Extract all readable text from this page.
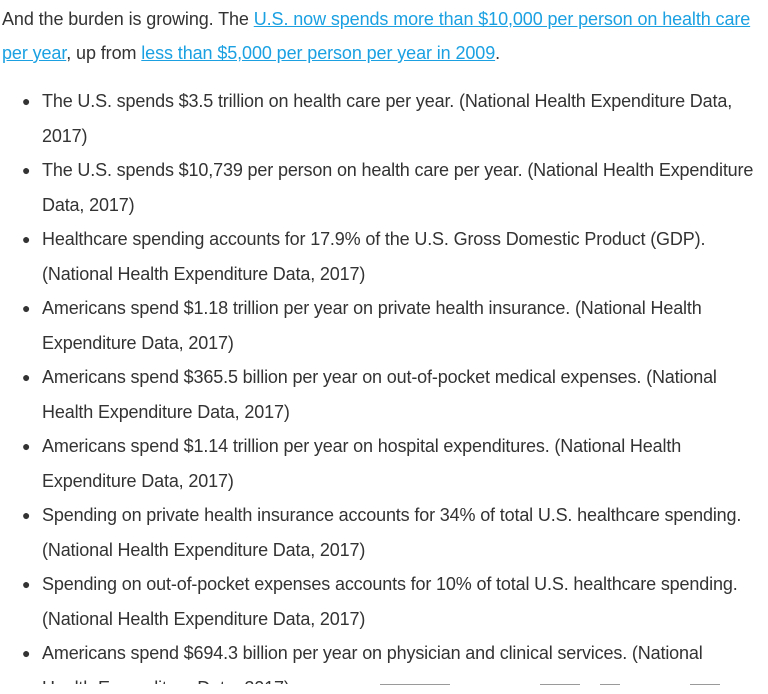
And the burden is growing. The U.S. now spends more than $10,000 per person on health care per year, up from less than $5,000 per person per year in 2009.

● The U.S. spends $3.5 trillion on health care per year. (National Health Expenditure Data, 2017)
● The U.S. spends $10,739 per person on health care per year. (National Health Expenditure Data, 2017)
● Healthcare spending accounts for 17.9% of the U.S. Gross Domestic Product (GDP). (National Health Expenditure Data, 2017)
● Americans spend $1.18 trillion per year on private health insurance. (National Health Expenditure Data, 2017)
● Americans spend $365.5 billion per year on out-of-pocket medical expenses. (National Health Expenditure Data, 2017)
● Americans spend $1.14 trillion per year on hospital expenditures. (National Health Expenditure Data, 2017)
● Spending on private health insurance accounts for 34% of total U.S. healthcare spending. (National Health Expenditure Data, 2017)
● Spending on out-of-pocket expenses accounts for 10% of total U.S. healthcare spending. (National Health Expenditure Data, 2017)
● Americans spend $694.3 billion per year on physician and clinical services. (National
